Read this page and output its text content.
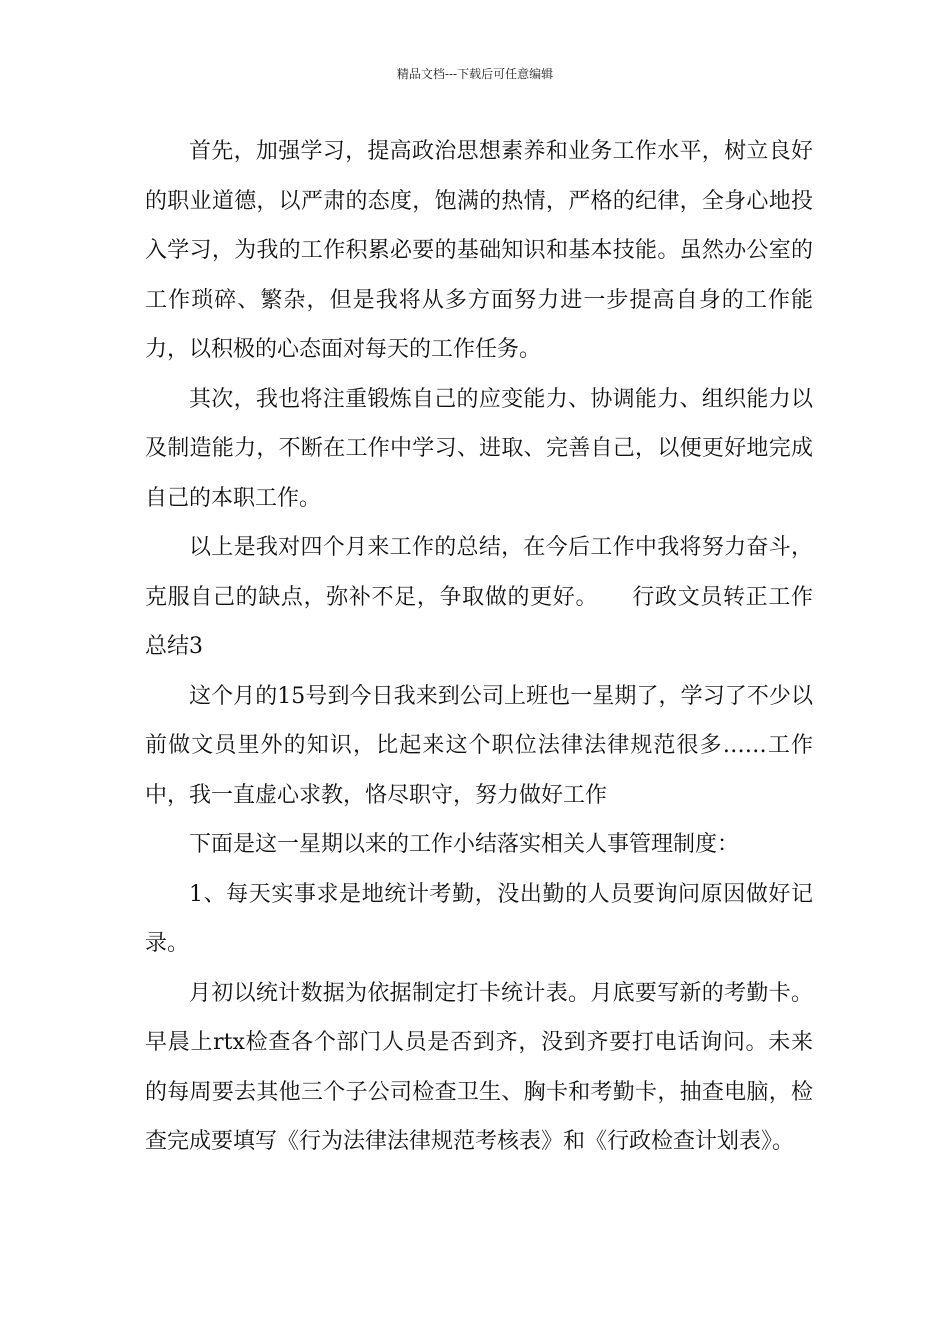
精品文档---下载后可任意编辑

首先，加强学习，提高政治思想素养和业务工作水平，树立良好的职业道德，以严肃的态度，饱满的热情，严格的纪律，全身心地投入学习，为我的工作积累必要的基础知识和基本技能。虽然办公室的工作琐碎、繁杂，但是我将从多方面努力进一步提高自身的工作能力，以积极的心态面对每天的工作任务。

其次，我也将注重锻炼自己的应变能力、协调能力、组织能力以及制造能力，不断在工作中学习、进取、完善自己，以便更好地完成自己的本职工作。

以上是我对四个月来工作的总结，在今后工作中我将努力奋斗，克服自己的缺点，弥补不足，争取做的更好。　　行政文员转正工作总结3

这个月的15号到今日我来到公司上班也一星期了，学习了不少以前做文员里外的知识，比起来这个职位法律法律规范很多……工作中，我一直虚心求教，恪尽职守，努力做好工作

下面是这一星期以来的工作小结落实相关人事管理制度：

1、每天实事求是地统计考勤，没出勤的人员要询问原因做好记录。

月初以统计数据为依据制定打卡统计表。月底要写新的考勤卡。早晨上rtx检查各个部门人员是否到齐，没到齐要打电话询问。未来的每周要去其他三个子公司检查卫生、胸卡和考勤卡，抽查电脑，检查完成要填写《行为法律法律规范考核表》和《行政检查计划表》。
